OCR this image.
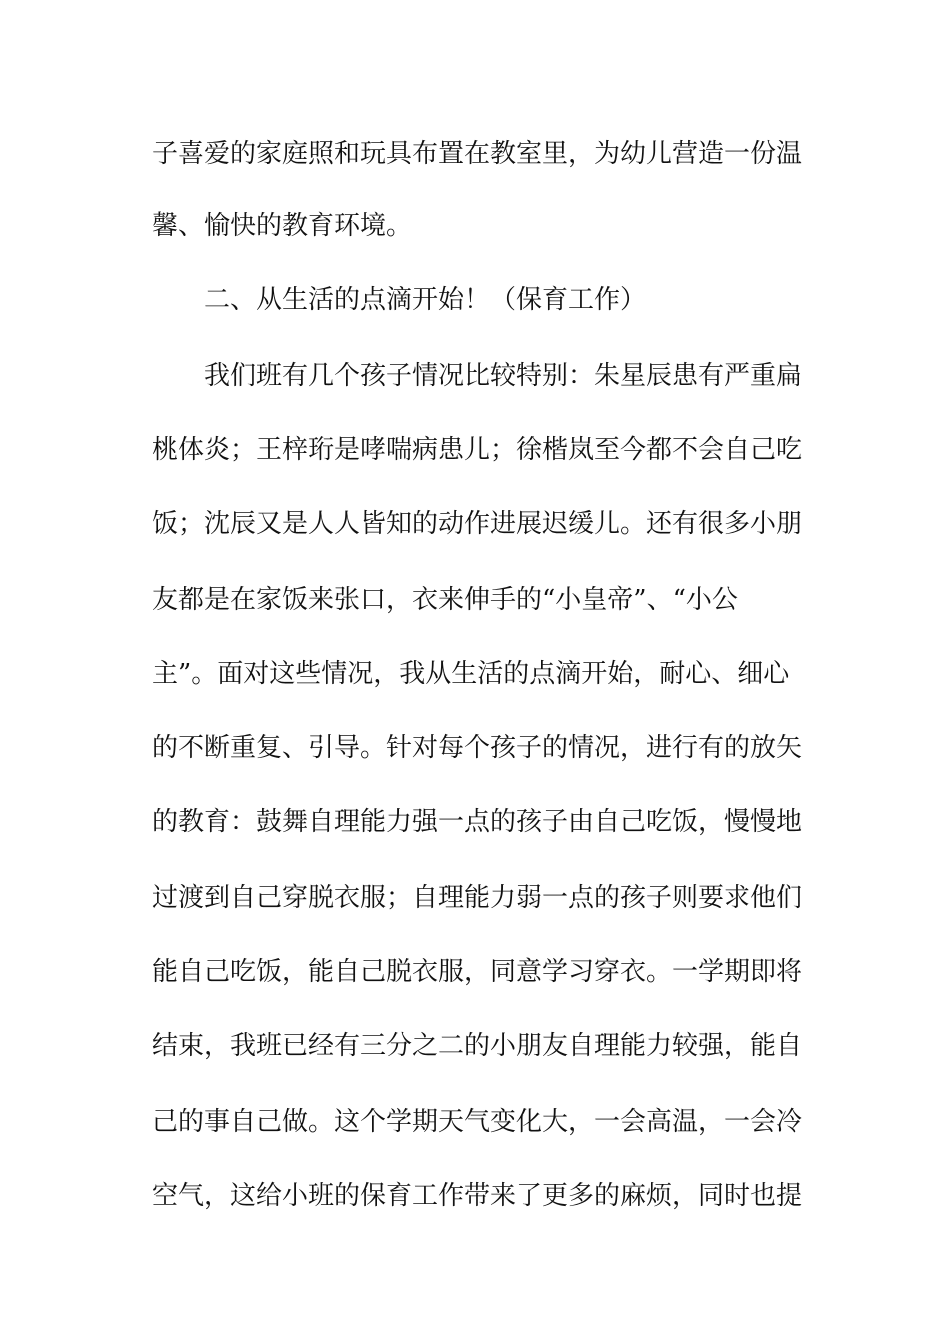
子喜爱的家庭照和玩具布置在教室里，为幼儿营造一份温
馨、愉快的教育环境。
二、从生活的点滴开始！（保育工作）
我们班有几个孩子情况比较特别：朱星辰患有严重扁
桃体炎；王梓珩是哮喘病患儿；徐楷岚至今都不会自己吃
饭；沈辰又是人人皆知的动作进展迟缓儿。还有很多小朋
友都是在家饭来张口，衣来伸手的“小皇帝”、“小公
主”。面对这些情况，我从生活的点滴开始，耐心、细心
的不断重复、引导。针对每个孩子的情况，进行有的放矢
的教育：鼓舞自理能力强一点的孩子由自己吃饭，慢慢地
过渡到自己穿脱衣服；自理能力弱一点的孩子则要求他们
能自己吃饭，能自己脱衣服，同意学习穿衣。一学期即将
结束，我班已经有三分之二的小朋友自理能力较强，能自
己的事自己做。这个学期天气变化大，一会高温，一会冷
空气，这给小班的保育工作带来了更多的麻烦，同时也提
